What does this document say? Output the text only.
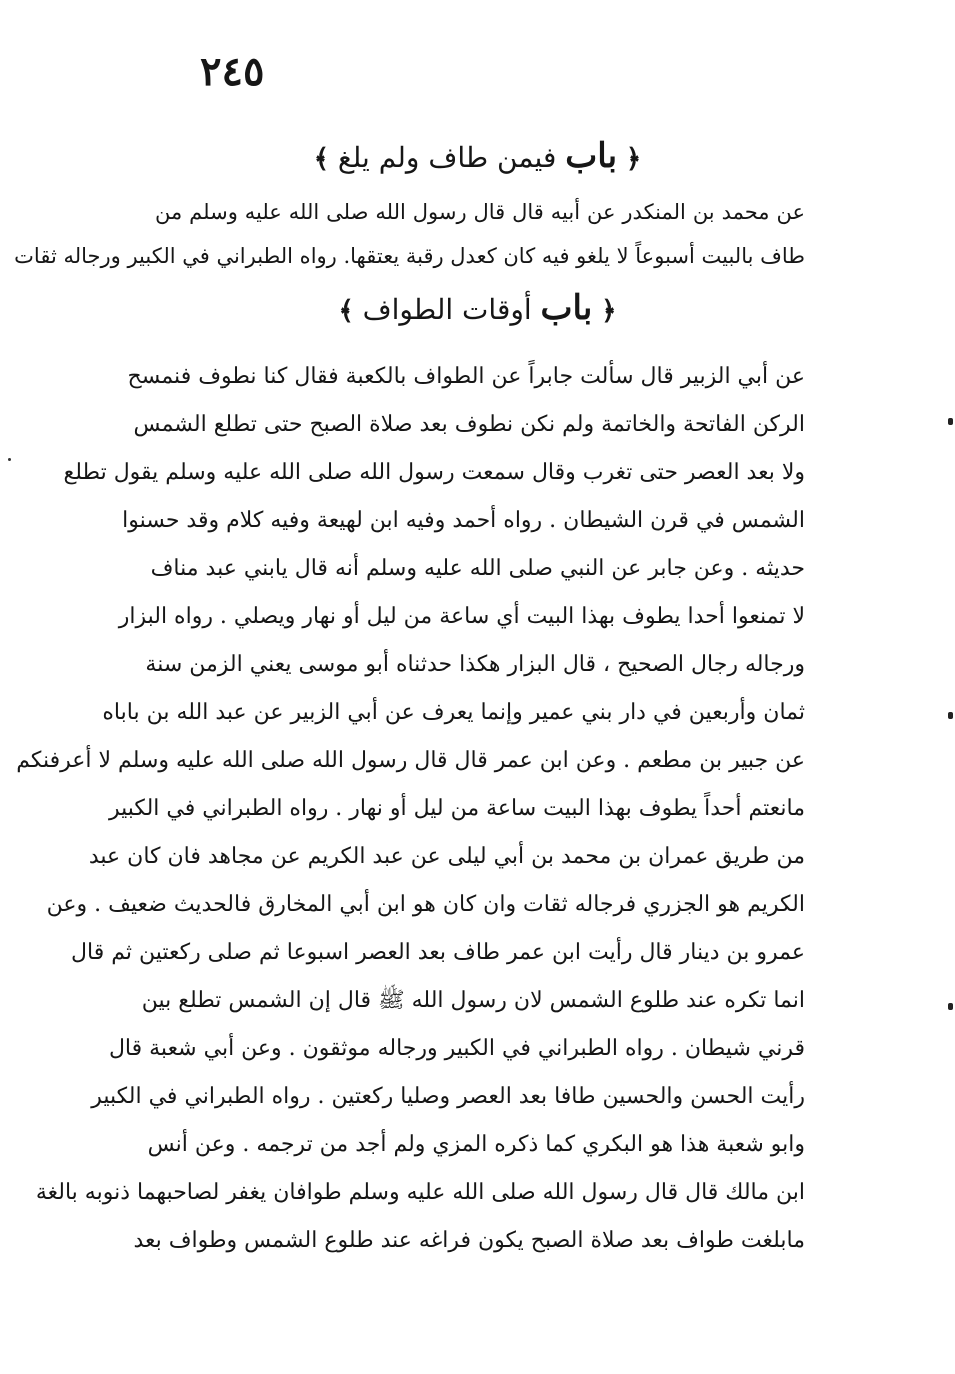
٢٤٥
﴿ باب فيمن طاف ولم يلغ ﴾
عن محمد بن المنكدر عن أبيه قال قال رسول الله صلى الله عليه وسلم من
طاف بالبيت أسبوعاً لا يلغو فيه كان كعدل رقبة يعتقها. رواه الطبراني في الكبير ورجاله ثقات
﴿ باب أوقات الطواف ﴾
عن أبي الزبير قال سألت جابراً عن الطواف بالكعبة فقال كنا نطوف فنمسح
الركن الفاتحة والخاتمة ولم نكن نطوف بعد صلاة الصبح حتى تطلع الشمس
ولا بعد العصر حتى تغرب وقال سمعت رسول الله صلى الله عليه وسلم يقول تطلع
الشمس في قرن الشيطان . رواه أحمد وفيه ابن لهيعة وفيه كلام وقد حسنوا
حديثه . وعن جابر عن النبي صلى الله عليه وسلم أنه قال يابني عبد مناف
لا تمنعوا أحدا يطوف بهذا البيت أي ساعة من ليل أو نهار ويصلي . رواه البزار
ورجاله رجال الصحيح ، قال البزار هكذا حدثناه أبو موسى يعني الزمن سنة
ثمان وأربعين في دار بني عمير وإنما يعرف عن أبي الزبير عن عبد الله بن باباه
عن جبير بن مطعم . وعن ابن عمر قال قال رسول الله صلى الله عليه وسلم لا أعرفنكم
مانعتم أحداً يطوف بهذا البيت ساعة من ليل أو نهار . رواه الطبراني في الكبير
من طريق عمران بن محمد بن أبي ليلى عن عبد الكريم عن مجاهد فان كان عبد
الكريم هو الجزري فرجاله ثقات وان كان هو ابن أبي المخارق فالحديث ضعيف . وعن
عمرو بن دينار قال رأيت ابن عمر طاف بعد العصر اسبوعا ثم صلى ركعتين ثم قال
انما تكره عند طلوع الشمس لان رسول الله ﷺ قال إن الشمس تطلع بين
قرني شيطان . رواه الطبراني في الكبير ورجاله موثقون . وعن أبي شعبة قال
رأيت الحسن والحسين طافا بعد العصر وصليا ركعتين . رواه الطبراني في الكبير
وابو شعبة هذا هو البكري كما ذكره المزي ولم أجد من ترجمه . وعن أنس
ابن مالك قال قال رسول الله صلى الله عليه وسلم طوافان يغفر لصاحبهما ذنوبه بالغة
مابلغت طواف بعد صلاة الصبح يكون فراغه عند طلوع الشمس وطواف بعد
